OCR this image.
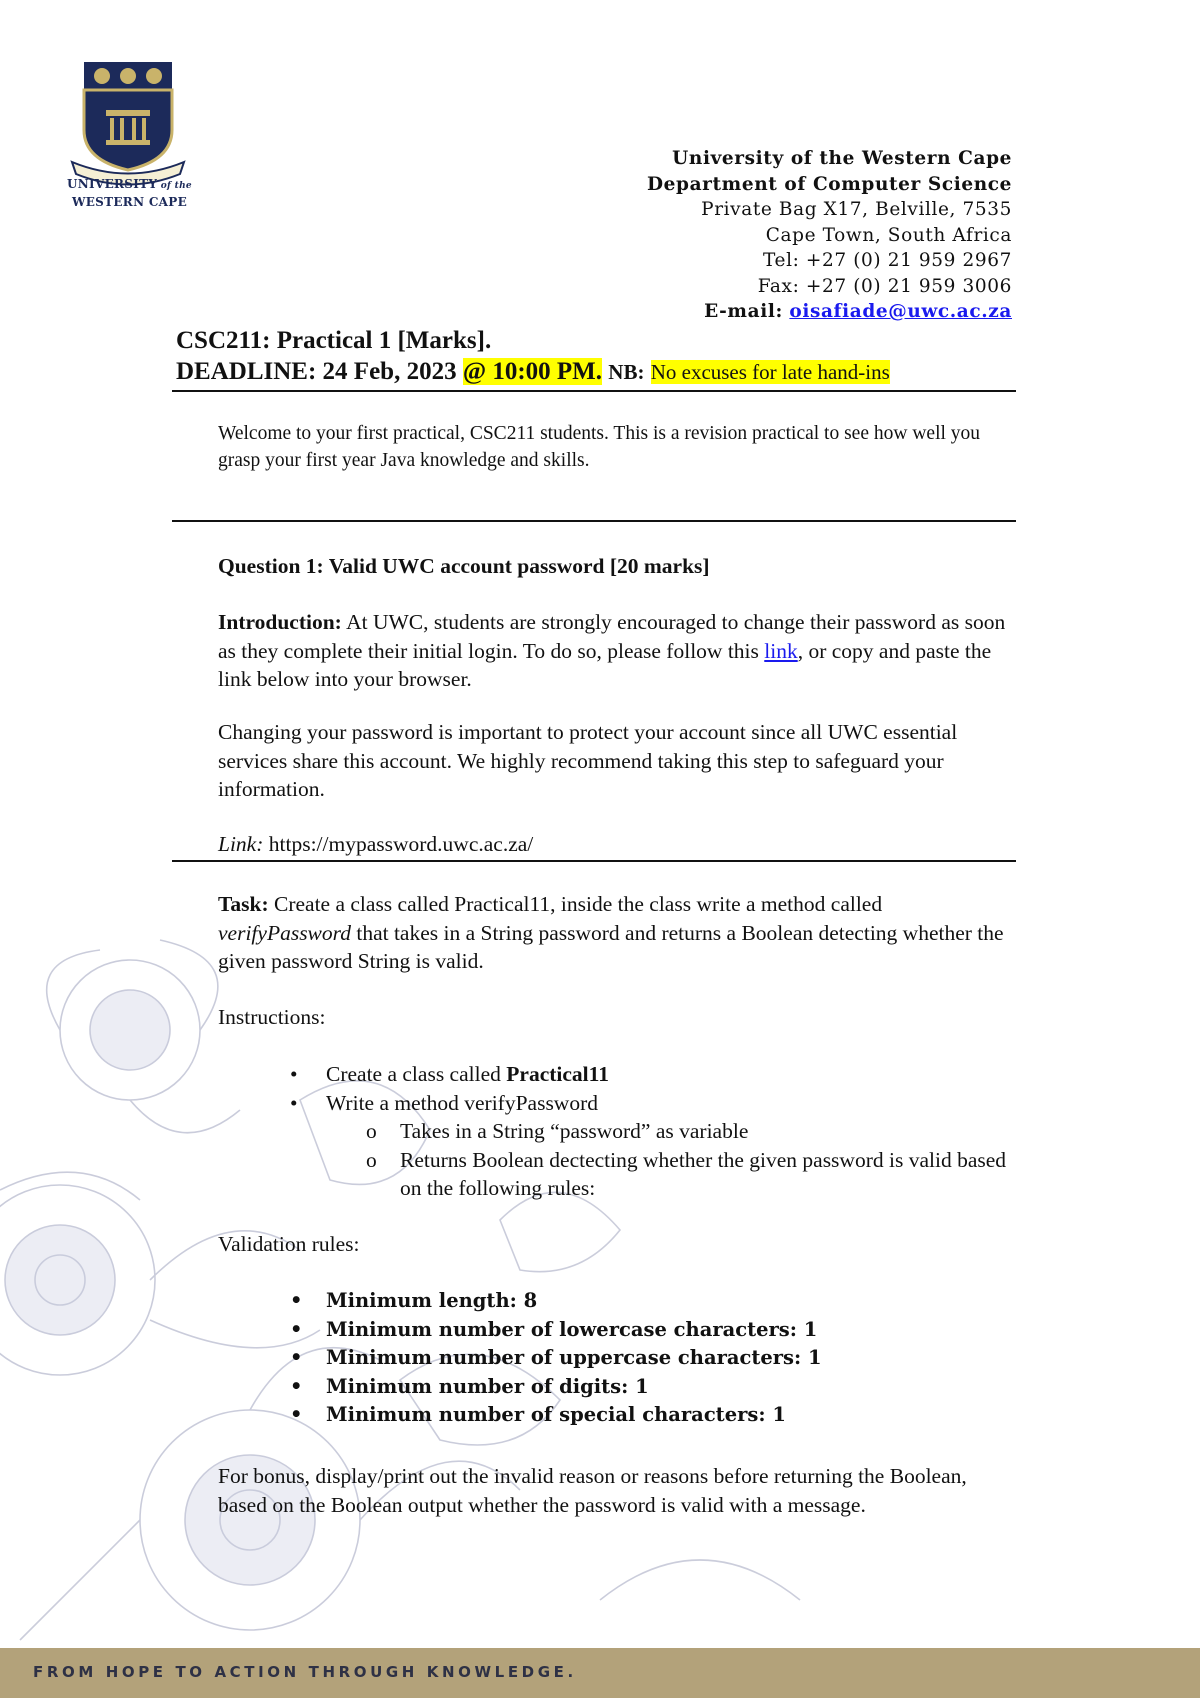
UNIVERSITY of the
WESTERN CAPE
University of the Western Cape
Department of Computer Science
Private Bag X17, Belville, 7535
Cape Town, South Africa
Tel: +27 (0) 21 959 2967
Fax: +27 (0) 21 959 3006
E-mail: oisafiade@uwc.ac.za
CSC211: Practical 1 [Marks].
DEADLINE: 24 Feb, 2023 @ 10:00 PM. NB: No excuses for late hand-ins
Welcome to your first practical, CSC211 students. This is a revision practical to see how well you grasp your first year Java knowledge and skills.
Question 1: Valid UWC account password [20 marks]
Introduction: At UWC, students are strongly encouraged to change their password as soon as they complete their initial login. To do so, please follow this link, or copy and paste the link below into your browser.
Changing your password is important to protect your account since all UWC essential services share this account. We highly recommend taking this step to safeguard your information.
Link: https://mypassword.uwc.ac.za/
Task: Create a class called Practical11, inside the class write a method called verifyPassword that takes in a String password and returns a Boolean detecting whether the given password String is valid.
Instructions:
• Create a class called Practical11
• Write a method verifyPassword
o Takes in a String “password” as variable
o Returns Boolean dectecting whether the given password is valid based on the following rules:
Validation rules:
• Minimum length: 8
• Minimum number of lowercase characters: 1
• Minimum number of uppercase characters: 1
• Minimum number of digits: 1
• Minimum number of special characters: 1
For bonus, display/print out the invalid reason or reasons before returning the Boolean, based on the Boolean output whether the password is valid with a message.
FROM HOPE TO ACTION THROUGH KNOWLEDGE.
